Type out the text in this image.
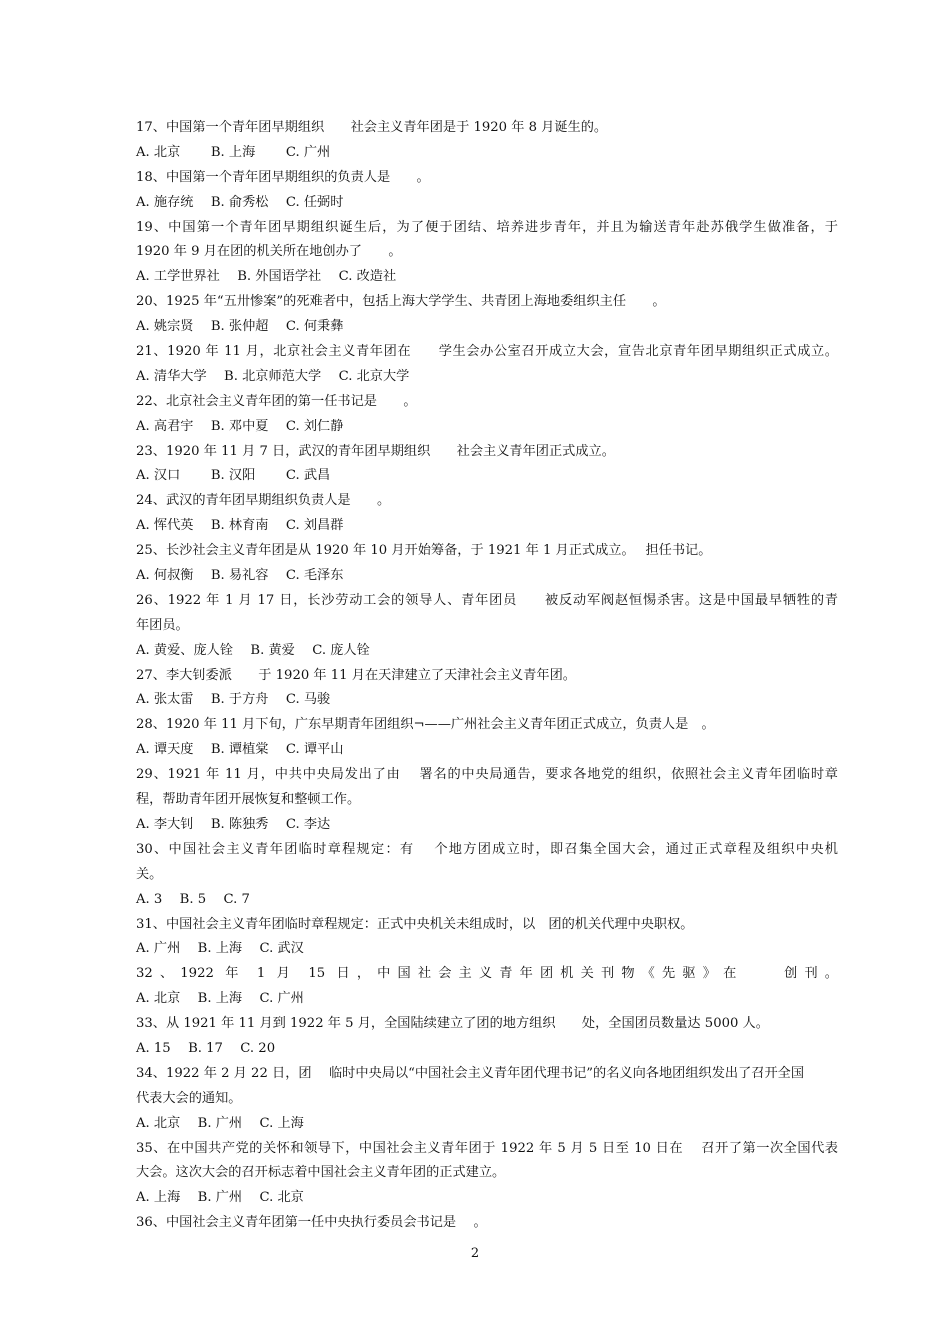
17、中国第一个青年团早期组织　　社会主义青年团是于 1920 年 8 月诞生的。
A. 北京　　 B. 上海　　 C. 广州
18、中国第一个青年团早期组织的负责人是　　。
A. 施存统　 B. 俞秀松　 C. 任弼时
19、中国第一个青年团早期组织诞生后，为了便于团结、培养进步青年，并且为输送青年赴苏俄学生做准备，于
1920 年 9 月在团的机关所在地创办了　　。
A. 工学世界社　 B. 外国语学社　 C. 改造社
20、1925 年“五卅惨案”的死难者中，包括上海大学学生、共青团上海地委组织主任　　。
A. 姚宗贤　 B. 张仲超　 C. 何秉彝
21、1920 年 11 月，北京社会主义青年团在　　学生会办公室召开成立大会，宣告北京青年团早期组织正式成立。
A. 清华大学　 B. 北京师范大学　 C. 北京大学
22、北京社会主义青年团的第一任书记是　　。
A. 高君宇　 B. 邓中夏　 C. 刘仁静
23、1920 年 11 月 7 日，武汉的青年团早期组织　　社会主义青年团正式成立。
A. 汉口　　 B. 汉阳　　 C. 武昌
24、武汉的青年团早期组织负责人是　　。
A. 恽代英　 B. 林育南　 C. 刘昌群
25、长沙社会主义青年团是从 1920 年 10 月开始筹备，于 1921 年 1 月正式成立。　 担任书记。
A. 何叔衡　 B. 易礼容　 C. 毛泽东
26、1922 年 1 月 17 日，长沙劳动工会的领导人、青年团员　　被反动军阀赵恒惕杀害。这是中国最早牺牲的青
年团员。
A. 黄爱、庞人铨　 B. 黄爱　 C. 庞人铨
27、李大钊委派　　于 1920 年 11 月在天津建立了天津社会主义青年团。
A. 张太雷　 B. 于方舟　 C. 马骏
28、1920 年 11 月下旬，广东早期青年团组织¬——广州社会主义青年团正式成立，负责人是　。
A. 谭天度　 B. 谭植棠　 C. 谭平山
29、1921 年 11 月，中共中央局发出了由　 署名的中央局通告，要求各地党的组织，依照社会主义青年团临时章
程，帮助青年团开展恢复和整顿工作。
A. 李大钊　 B. 陈独秀　 C. 李达
30、中国社会主义青年团临时章程规定：有　 个地方团成立时，即召集全国大会，通过正式章程及组织中央机
关。
A. 3　 B. 5　 C. 7
31、中国社会主义青年团临时章程规定：正式中央机关未组成时，以　团的机关代理中央职权。
A. 广州　 B. 上海　 C. 武汉
32、1922 年 1 月 15 日，中国社会主义青年团机关刊物《先驱》在　　创刊。
A. 北京　 B. 上海　 C. 广州
33、从 1921 年 11 月到 1922 年 5 月，全国陆续建立了团的地方组织　　处，全国团员数量达 5000 人。
A. 15　 B. 17　 C. 20
34、1922 年 2 月 22 日，团　 临时中央局以“中国社会主义青年团代理书记”的名义向各地团组织发出了召开全国
代表大会的通知。
A. 北京　 B. 广州　 C. 上海
35、在中国共产党的关怀和领导下，中国社会主义青年团于 1922 年 5 月 5 日至 10 日在　 召开了第一次全国代表
大会。这次大会的召开标志着中国社会主义青年团的正式建立。
A. 上海　 B. 广州　 C. 北京
36、中国社会主义青年团第一任中央执行委员会书记是　 。
2
